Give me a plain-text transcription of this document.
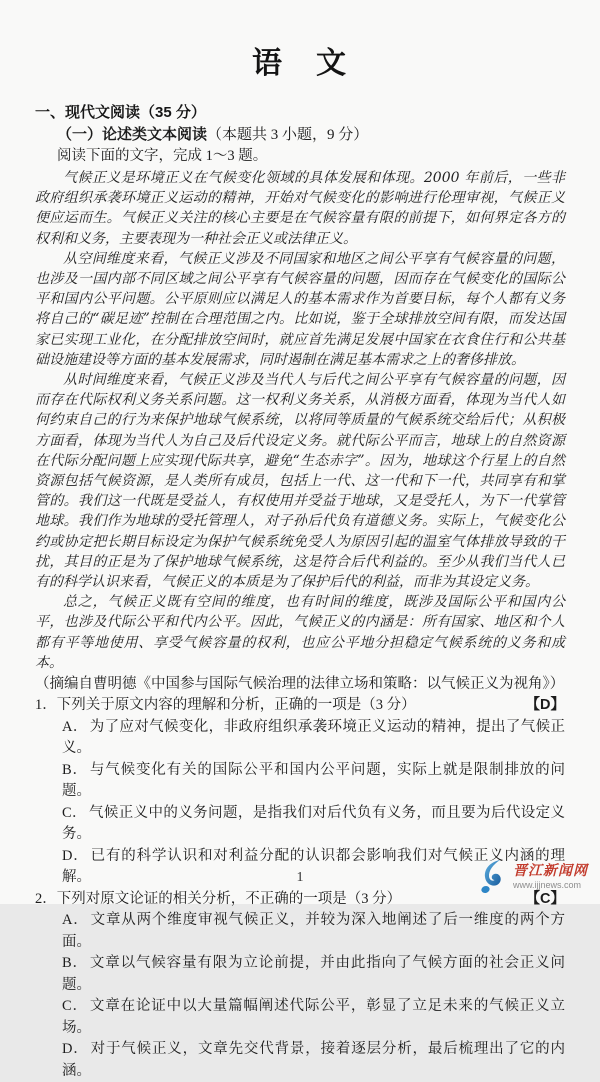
语　文
一、现代文阅读（35 分）
（一）论述类文本阅读（本题共 3 小题，9 分）
阅读下面的文字，完成 1～3 题。

气候正义是环境正义在气候变化领域的具体发展和体现。2000 年前后，一些非政府组织承袭环境正义运动的精神，开始对气候变化的影响进行伦理审视，气候正义便应运而生。气候正义关注的核心主要是在气候容量有限的前提下，如何界定各方的权利和义务，主要表现为一种社会正义或法律正义。

从空间维度来看，气候正义涉及不同国家和地区之间公平享有气候容量的问题，也涉及一国内部不同区域之间公平享有气候容量的问题，因而存在气候变化的国际公平和国内公平问题。公平原则应以满足人的基本需求作为首要目标，每个人都有义务将自己的“碳足迹”控制在合理范围之内。比如说，鉴于全球排放空间有限，而发达国家已实现工业化，在分配排放空间时，就应首先满足发展中国家在衣食住行和公共基础设施建设等方面的基本发展需求，同时遏制在满足基本需求之上的奢侈排放。

从时间维度来看，气候正义涉及当代人与后代之间公平享有气候容量的问题，因而存在代际权利义务关系问题。这一权利义务关系，从消极方面看，体现为当代人如何约束自己的行为来保护地球气候系统，以将同等质量的气候系统交给后代；从积极方面看，体现为当代人为自己及后代设定义务。就代际公平而言，地球上的自然资源在代际分配问题上应实现代际共享，避免“生态赤字”。因为，地球这个行星上的自然资源包括气候资源，是人类所有成员，包括上一代、这一代和下一代，共同享有和掌管的。我们这一代既是受益人，有权使用并受益于地球，又是受托人，为下一代掌管地球。我们作为地球的受托管理人，对子孙后代负有道德义务。实际上，气候变化公约或协定把长期目标设定为保护气候系统免受人为原因引起的温室气体排放导致的干扰，其目的正是为了保护地球气候系统，这是符合后代利益的。至少从我们当代人已有的科学认识来看，气候正义的本质是为了保护后代的利益，而非为其设定义务。

总之，气候正义既有空间的维度，也有时间的维度，既涉及国际公平和国内公平，也涉及代际公平和代内公平。因此，气候正义的内涵是：所有国家、地区和个人都有平等地使用、享受气候容量的权利，也应公平地分担稳定气候系统的义务和成本。

（摘编自曹明德《中国参与国际气候治理的法律立场和策略：以气候正义为视角》）
【D】
1．下列关于原文内容的理解和分析，正确的一项是（3 分）
A． 为了应对气候变化，非政府组织承袭环境正义运动的精神，提出了气候正义。
B． 与气候变化有关的国际公平和国内公平问题，实际上就是限制排放的问题。
C． 气候正义中的义务问题，是指我们对后代负有义务，而且要为后代设定义务。
D． 已有的科学认识和对利益分配的认识都会影响我们对气候正义内涵的理解。
【C】
2．下列对原文论证的相关分析，不正确的一项是（3 分）
A． 文章从两个维度审视气候正义，并较为深入地阐述了后一维度的两个方面。
B． 文章以气候容量有限为立论前提，并由此指向了气候方面的社会正义问题。
C． 文章在论证中以大量篇幅阐述代际公平，彰显了立足未来的气候正义立场。
D． 对于气候正义，文章先交代背景，接着逐层分析，最后梳理出了它的内涵。
1	晋江新闻网
www.ijjnews.com
